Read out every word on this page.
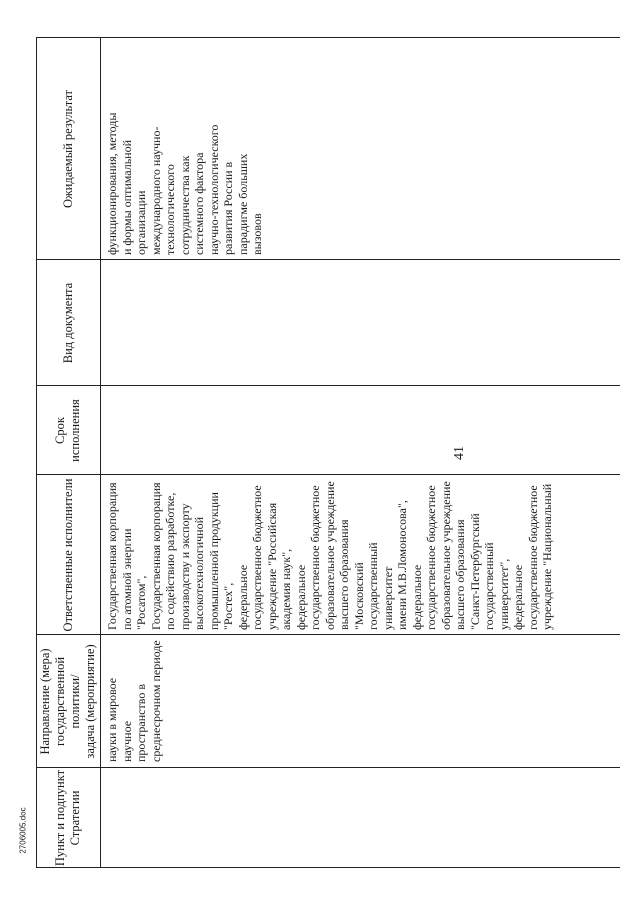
41
2706005.doc	Пункт и подпункт
Стратегии
Направление (мера)
государственной политики/
задача (мероприятие)
Ответственные исполнители
Срок
исполнения
Вид документа
Ожидаемый результат
науки в мировое научное
пространство в
среднесрочном периоде
Государственная корпорация
по атомной энергии
"Росатом",
Государственная корпорация
по содействию разработке,
производству и экспорту
высокотехнологичной
промышленной продукции
"Ростех",
федеральное
государственное бюджетное
учреждение "Российская
академия наук",
федеральное
государственное бюджетное
образовательное учреждение
высшего образования
"Московский
государственный
университет
имени М.В.Ломоносова",
федеральное
государственное бюджетное
образовательное учреждение
высшего образования
"Санкт-Петербургский
государственный
университет",
федеральное
государственное бюджетное
учреждение "Национальный
функционирования, методы
и формы оптимальной
организации
международного научно-
технологического
сотрудничества как
системного фактора
научно-технологического
развития России в
парадигме больших
вызовов
